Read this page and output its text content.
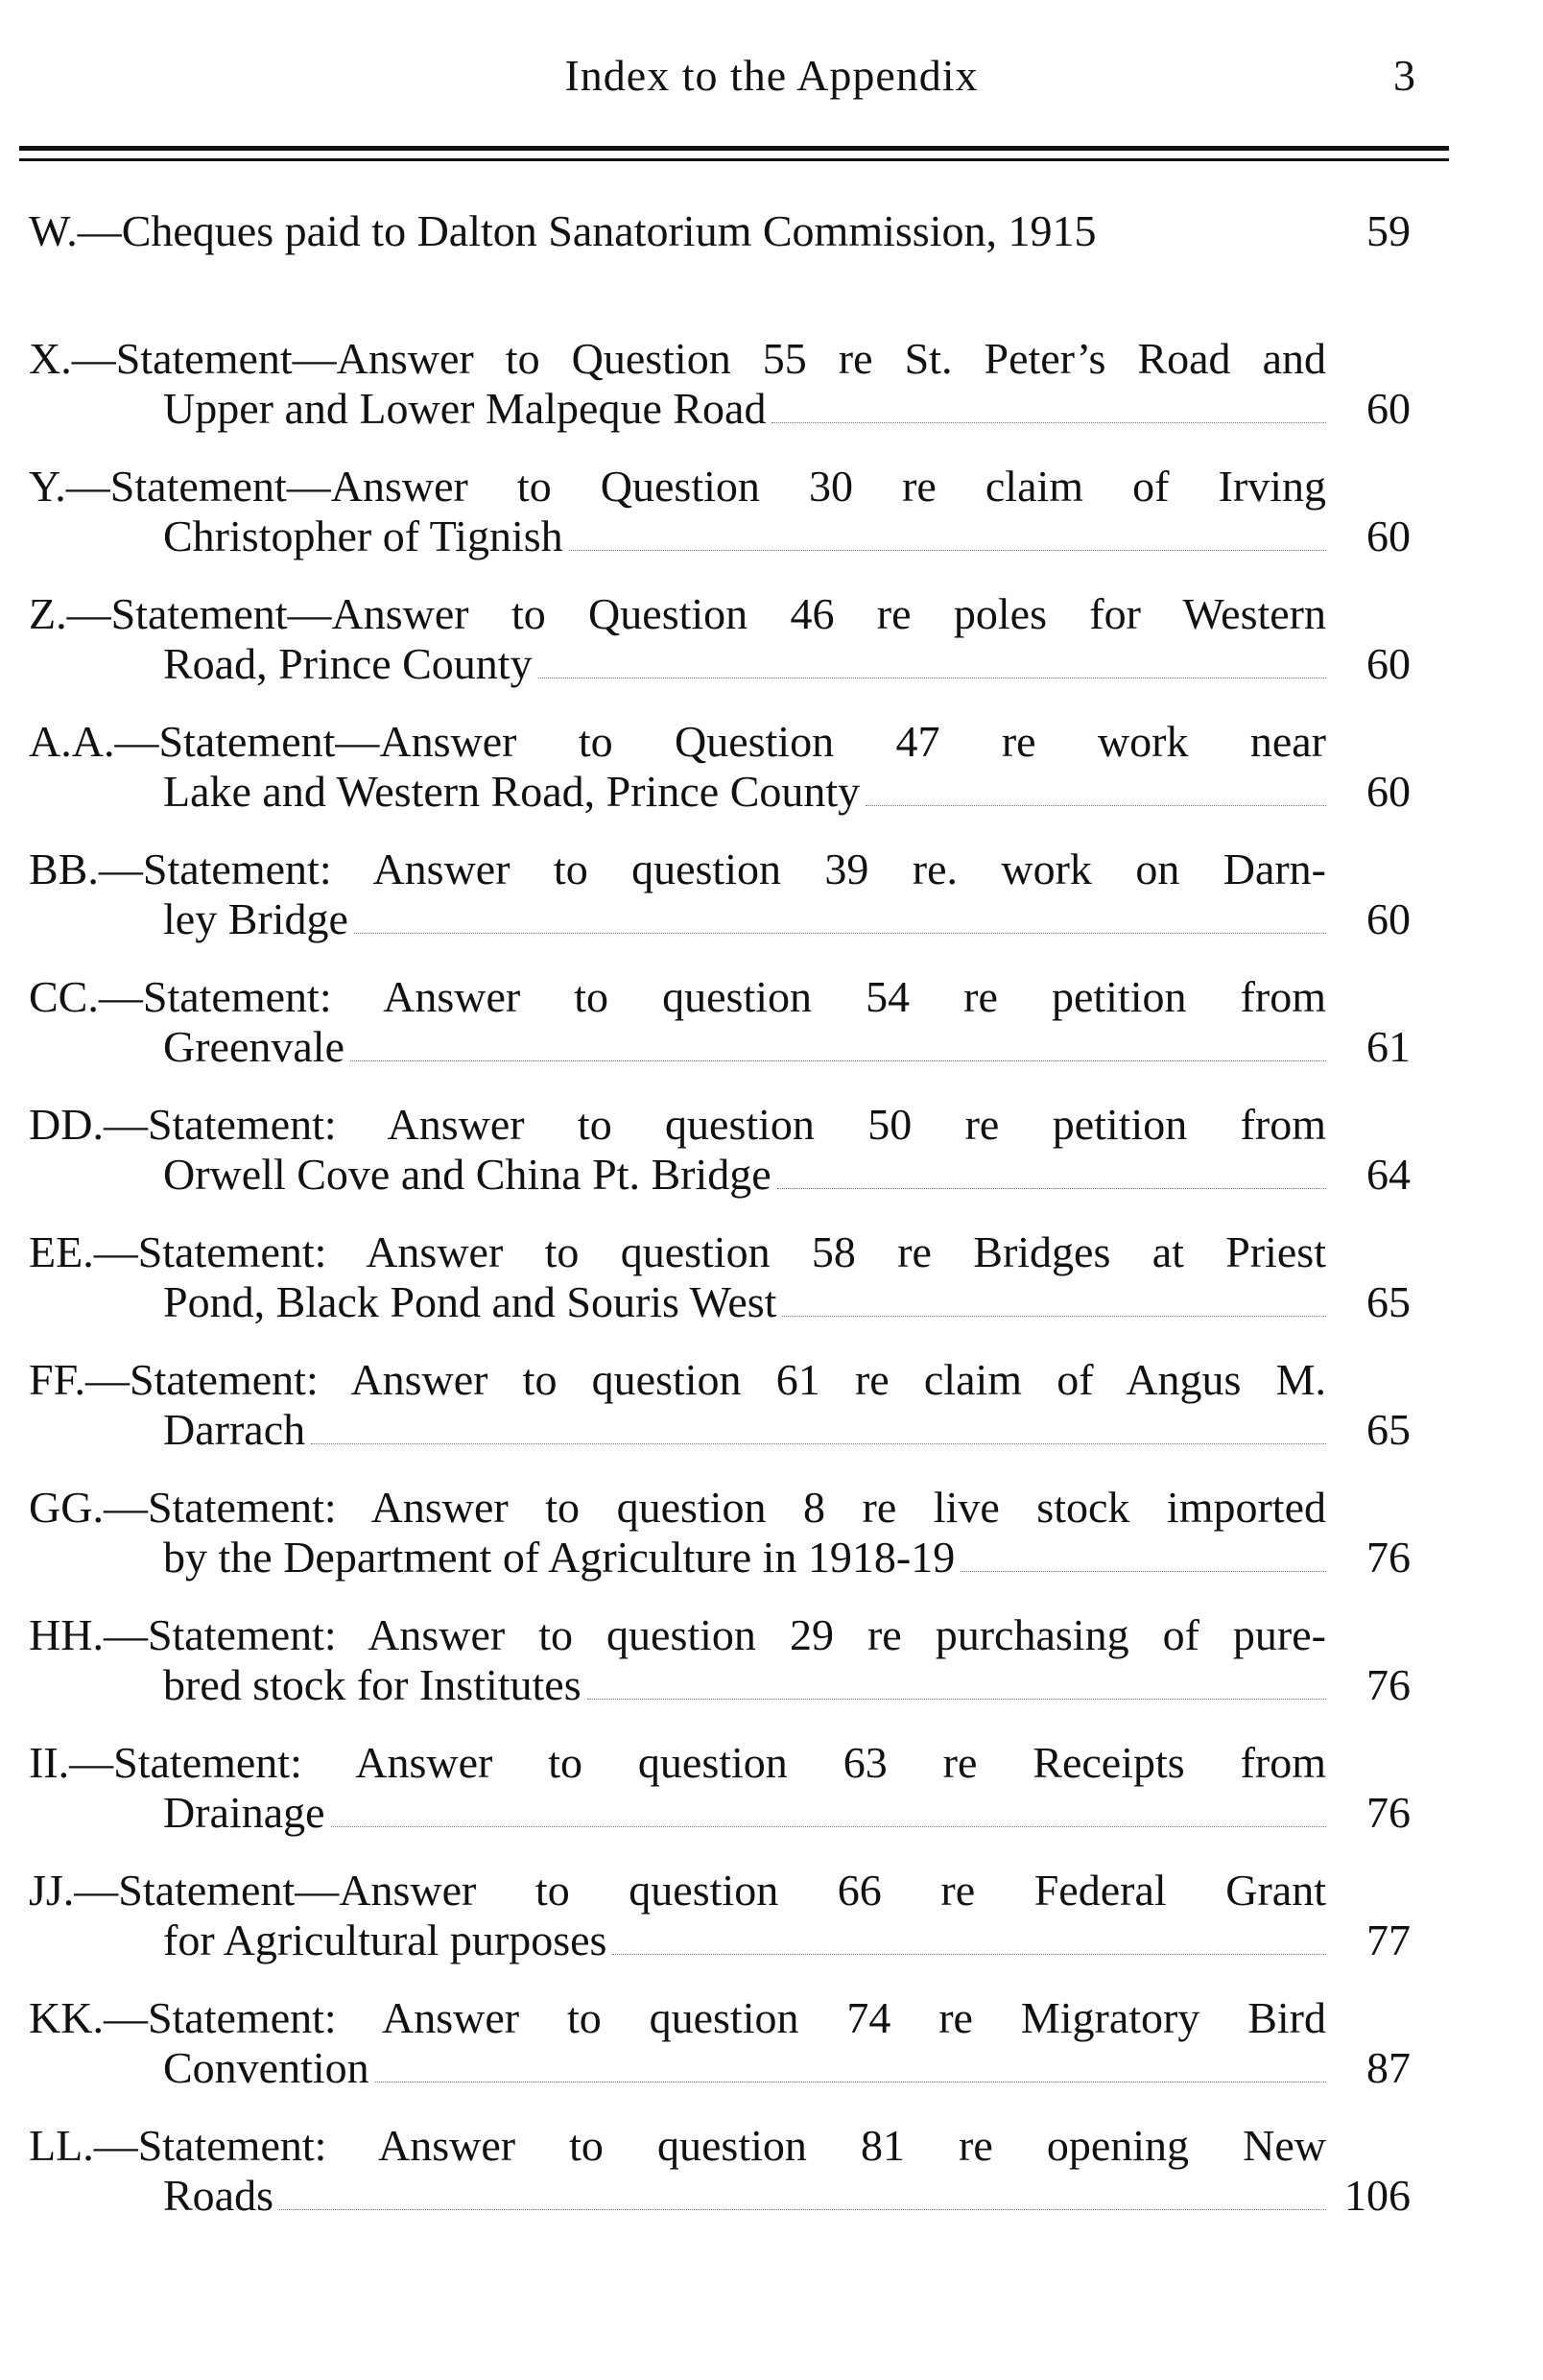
Index to the Appendix	3
W.—Cheques paid to Dalton Sanatorium Commission, 1915	59
X.—Statement—Answer to Question 55 re St. Peter’s Road and
Upper and Lower Malpeque Road	60
Y.—Statement—Answer to Question 30 re claim of Irving
Christopher of Tignish	60
Z.—Statement—Answer to Question 46 re poles for Western
Road, Prince County	60
A.A.—Statement—Answer to Question 47 re work near
Lake and Western Road, Prince County	60
BB.—Statement: Answer to question 39 re. work on Darn-
ley Bridge	60
CC.—Statement: Answer to question 54 re petition from
Greenvale	61
DD.—Statement: Answer to question 50 re petition from
Orwell Cove and China Pt. Bridge	64
EE.—Statement: Answer to question 58 re Bridges at Priest
Pond, Black Pond and Souris West	65
FF.—Statement: Answer to question 61 re claim of Angus M.
Darrach	65
GG.—Statement: Answer to question 8 re live stock imported
by the Department of Agriculture in 1918-19	76
HH.—Statement: Answer to question 29 re purchasing of pure-
bred stock for Institutes	76
II.—Statement: Answer to question 63 re Receipts from
Drainage	76
JJ.—Statement—Answer to question 66 re Federal Grant
for Agricultural purposes	77
KK.—Statement: Answer to question 74 re Migratory Bird
Convention	87
LL.—Statement: Answer to question 81 re opening New
Roads	106
